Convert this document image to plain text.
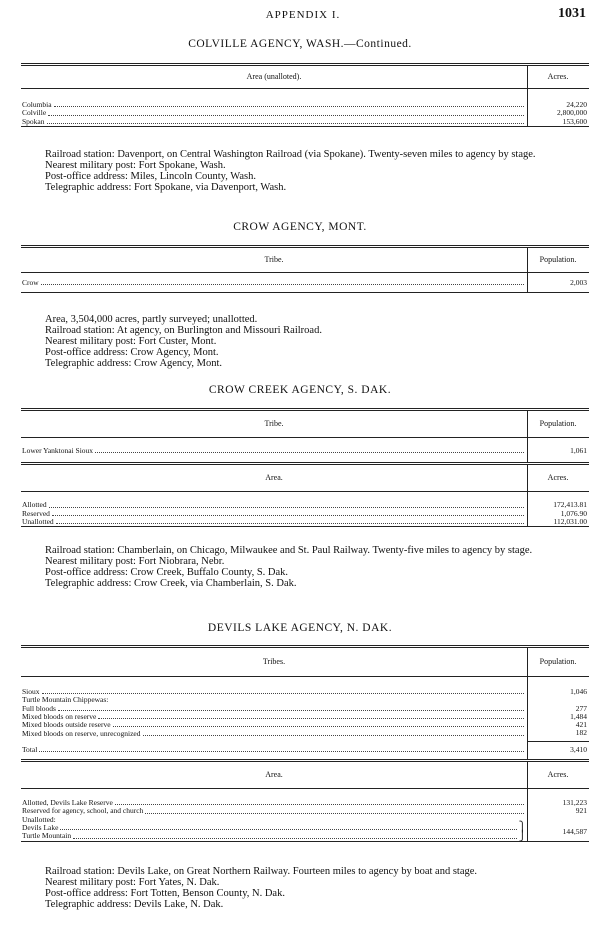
APPENDIX I.	1031
COLVILLE AGENCY, WASH.—Continued.

Area (unalloted).	Acres.

Columbia	24,220

Colville	2,800,000

Spokan	153,600

Railroad station: Davenport, on Central Washington Railroad (via Spokane). Twenty-seven miles to agency by stage.

Nearest military post: Fort Spokane, Wash.

Post-office address: Miles, Lincoln County, Wash.

Telegraphic address: Fort Spokane, via Davenport, Wash.

CROW AGENCY, MONT.

Tribe.	Population.

Crow	2,003

Area, 3,504,000 acres, partly surveyed; unallotted.

Railroad station: At agency, on Burlington and Missouri Railroad.

Nearest military post: Fort Custer, Mont.

Post-office address: Crow Agency, Mont.

Telegraphic address: Crow Agency, Mont.

CROW CREEK AGENCY, S. DAK.

Tribe.	Population.

Lower Yanktonai Sioux	1,061

Area.	Acres.

Allotted	172,413.81

Reserved	1,076.90

Unallotted	112,031.00

Railroad station: Chamberlain, on Chicago, Milwaukee and St. Paul Railway. Twenty-five miles to agency by stage.

Nearest military post: Fort Niobrara, Nebr.

Post-office address: Crow Creek, Buffalo County, S. Dak.

Telegraphic address: Crow Creek, via Chamberlain, S. Dak.

DEVILS LAKE AGENCY, N. DAK.

Tribes.	Population.

Sioux	1,046
Turtle Mountain Chippewas:	

Full bloods	277

Mixed bloods on reserve	1,484

Mixed bloods outside reserve	421

Mixed bloods on reserve, unrecognized	182

Total	3,410

Area.	Acres.

Allotted, Devils Lake Reserve	131,223

Reserved for agency, school, and church	921
Unallotted:	

Devils Lake ⎫	144,587

Turtle Mountain ⎭	

Railroad station: Devils Lake, on Great Northern Railway. Fourteen miles to agency by boat and stage.

Nearest military post: Fort Yates, N. Dak.

Post-office address: Fort Totten, Benson County, N. Dak.

Telegraphic address: Devils Lake, N. Dak.
